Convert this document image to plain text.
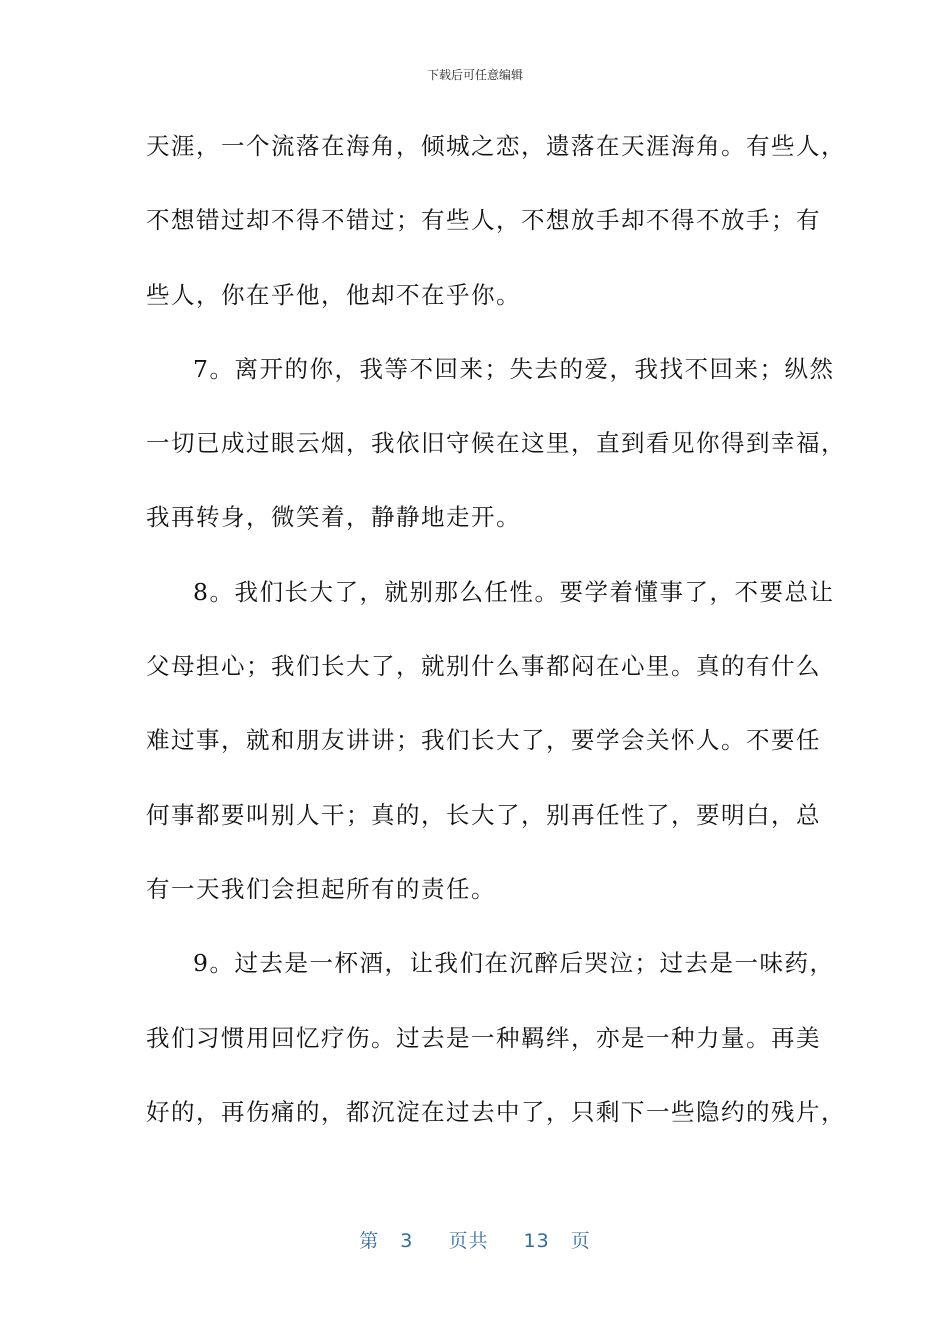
下载后可任意编辑
天涯，一个流落在海角，倾城之恋，遗落在天涯海角。有些人，
不想错过却不得不错过；有些人，不想放手却不得不放手；有
些人，你在乎他，他却不在乎你。
7。离开的你，我等不回来；失去的爱，我找不回来；纵然
一切已成过眼云烟，我依旧守候在这里，直到看见你得到幸福，
我再转身，微笑着，静静地走开。
8。我们长大了，就别那么任性。要学着懂事了，不要总让
父母担心；我们长大了，就别什么事都闷在心里。真的有什么
难过事，就和朋友讲讲；我们长大了，要学会关怀人。不要任
何事都要叫别人干；真的，长大了，别再任性了，要明白，总
有一天我们会担起所有的责任。
9。过去是一杯酒，让我们在沉醉后哭泣；过去是一味药，
我们习惯用回忆疗伤。过去是一种羁绊，亦是一种力量。再美
好的，再伤痛的，都沉淀在过去中了，只剩下一些隐约的残片，
第 3 页共 13 页
